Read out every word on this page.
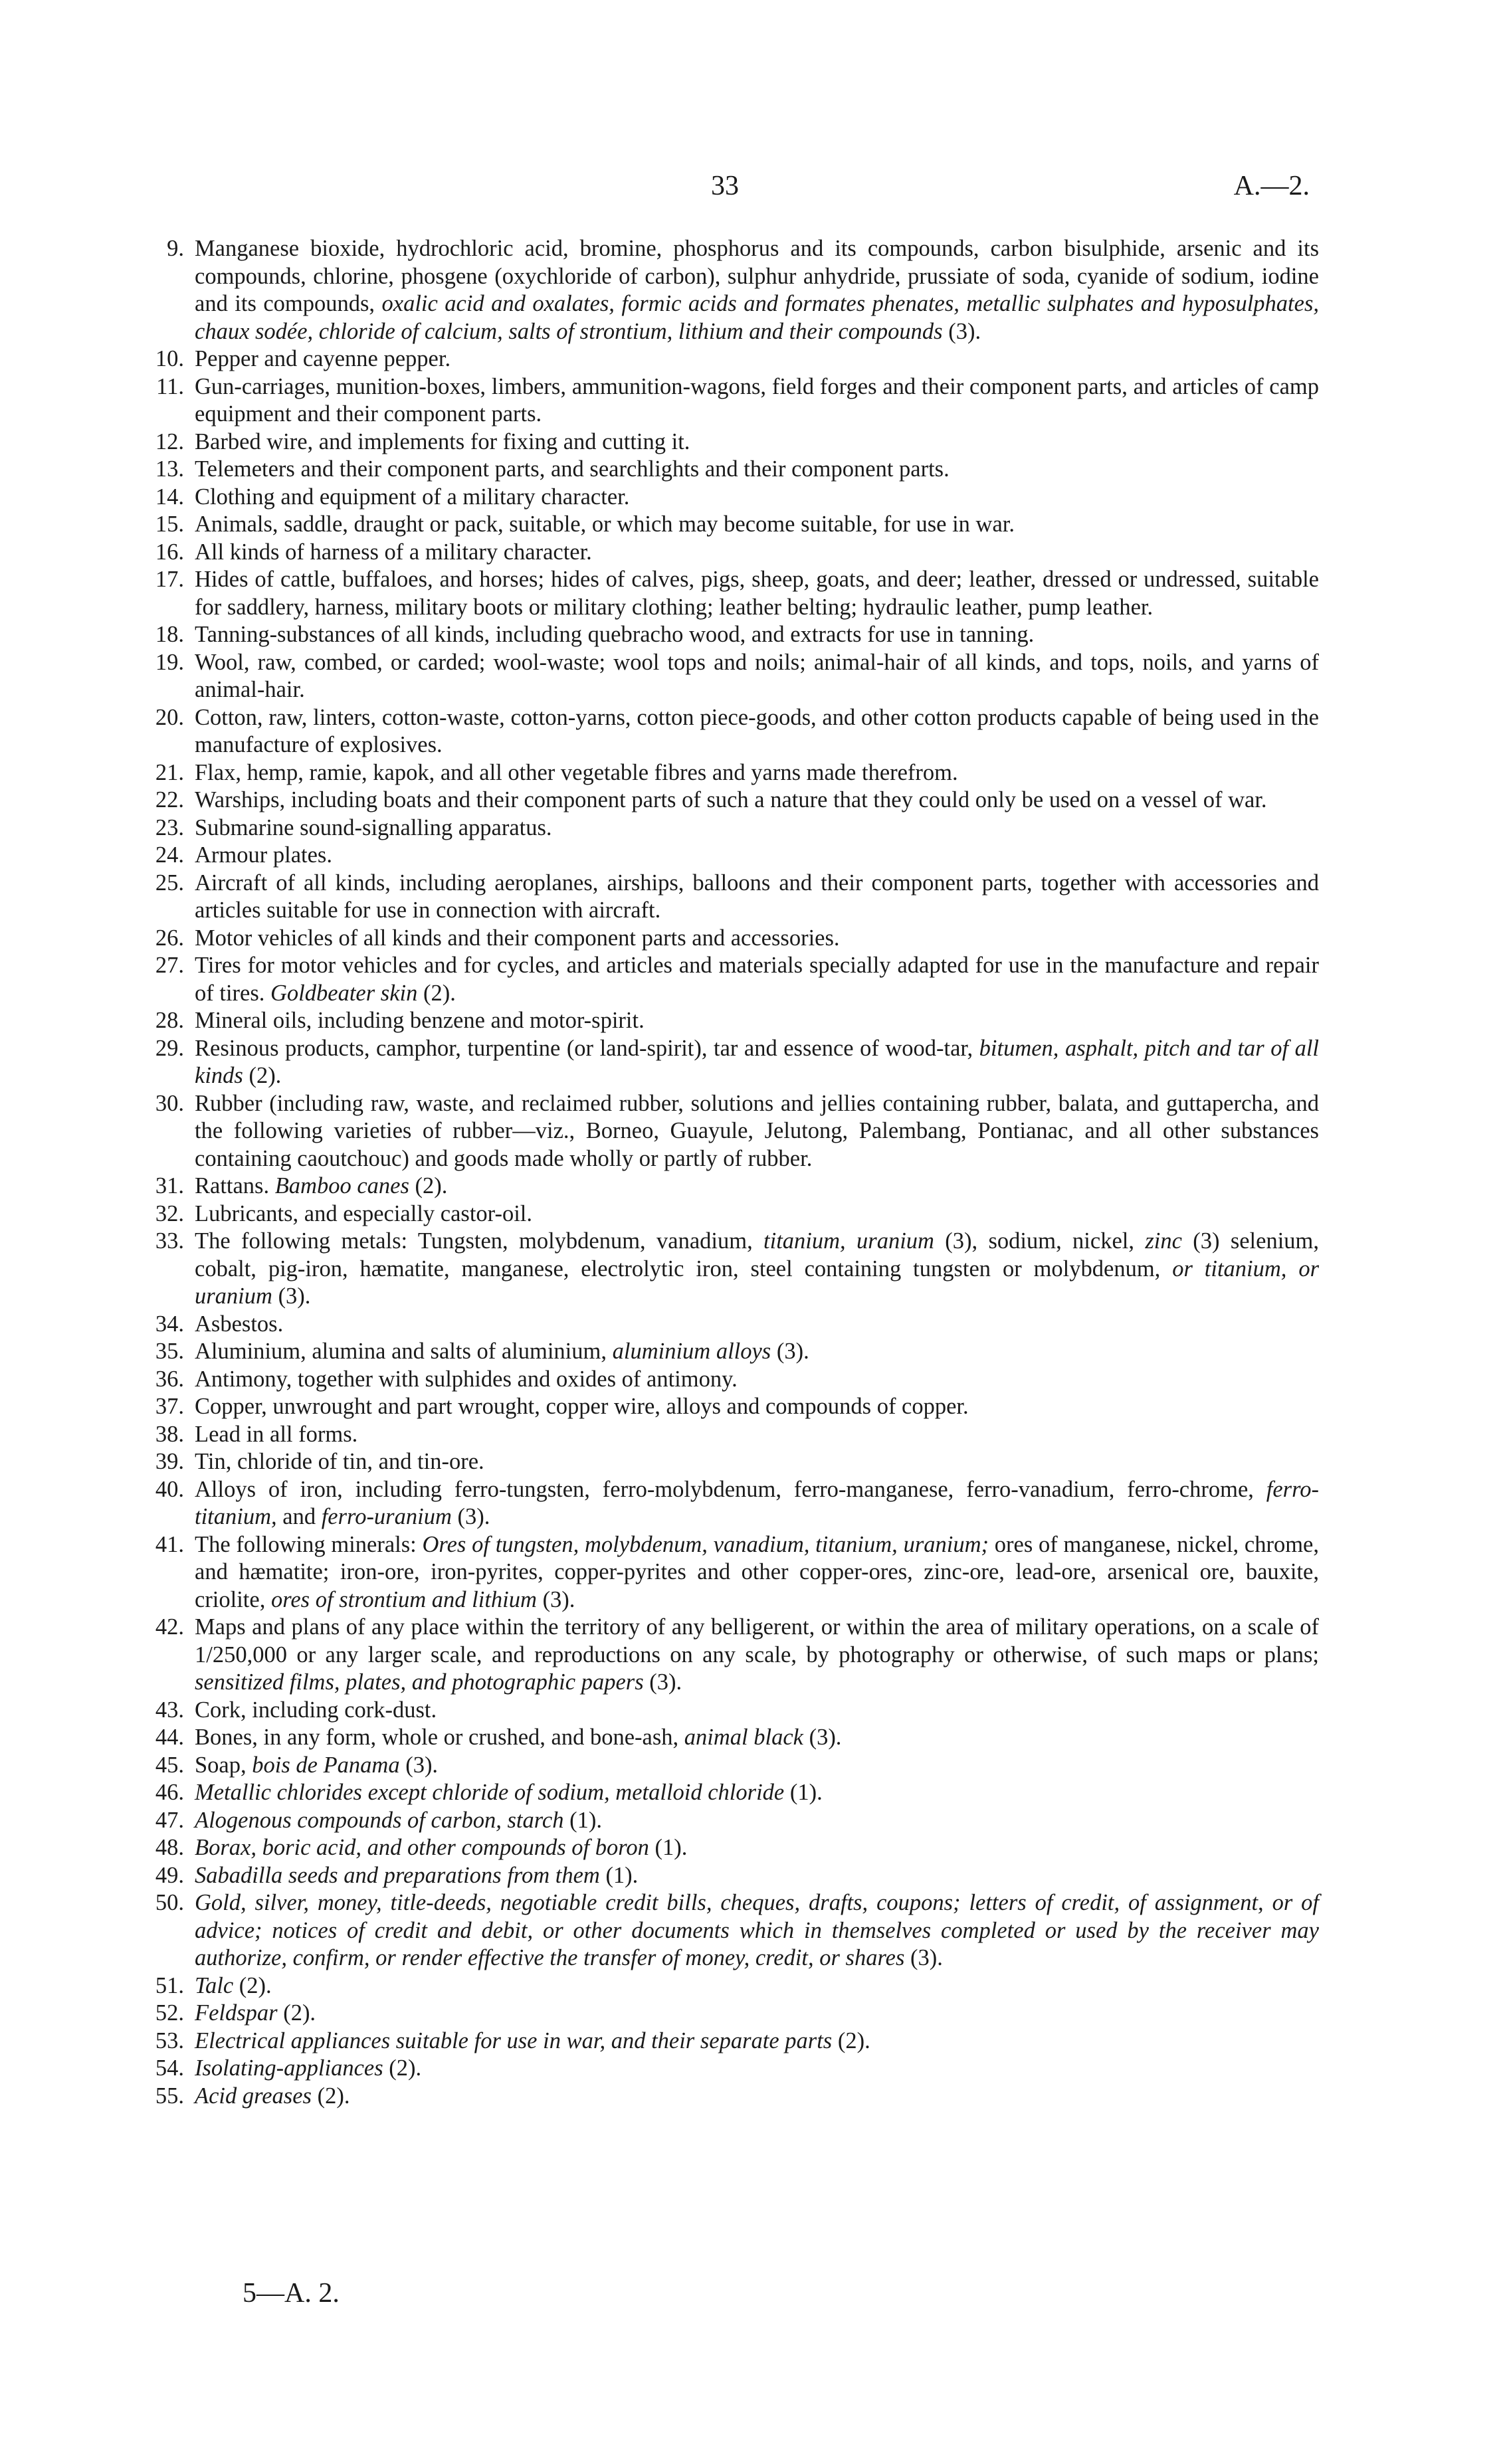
33	A.—2.
9. Manganese bioxide, hydrochloric acid, bromine, phosphorus and its compounds, carbon bisulphide, arsenic and its compounds, chlorine, phosgene (oxychloride of carbon), sulphur anhydride, prussiate of soda, cyanide of sodium, iodine and its compounds, oxalic acid and oxalates, formic acids and formates phenates, metallic sulphates and hyposulphates, chaux sodée, chloride of calcium, salts of strontium, lithium and their compounds (3).
10. Pepper and cayenne pepper.
11. Gun-carriages, munition-boxes, limbers, ammunition-wagons, field forges and their component parts, and articles of camp equipment and their component parts.
12. Barbed wire, and implements for fixing and cutting it.
13. Telemeters and their component parts, and searchlights and their component parts.
14. Clothing and equipment of a military character.
15. Animals, saddle, draught or pack, suitable, or which may become suitable, for use in war.
16. All kinds of harness of a military character.
17. Hides of cattle, buffaloes, and horses; hides of calves, pigs, sheep, goats, and deer; leather, dressed or undressed, suitable for saddlery, harness, military boots or military clothing; leather belting; hydraulic leather, pump leather.
18. Tanning-substances of all kinds, including quebracho wood, and extracts for use in tanning.
19. Wool, raw, combed, or carded; wool-waste; wool tops and noils; animal-hair of all kinds, and tops, noils, and yarns of animal-hair.
20. Cotton, raw, linters, cotton-waste, cotton-yarns, cotton piece-goods, and other cotton products capable of being used in the manufacture of explosives.
21. Flax, hemp, ramie, kapok, and all other vegetable fibres and yarns made therefrom.
22. Warships, including boats and their component parts of such a nature that they could only be used on a vessel of war.
23. Submarine sound-signalling apparatus.
24. Armour plates.
25. Aircraft of all kinds, including aeroplanes, airships, balloons and their component parts, together with accessories and articles suitable for use in connection with aircraft.
26. Motor vehicles of all kinds and their component parts and accessories.
27. Tires for motor vehicles and for cycles, and articles and materials specially adapted for use in the manufacture and repair of tires. Goldbeater skin (2).
28. Mineral oils, including benzene and motor-spirit.
29. Resinous products, camphor, turpentine (or land-spirit), tar and essence of wood-tar, bitumen, asphalt, pitch and tar of all kinds (2).
30. Rubber (including raw, waste, and reclaimed rubber, solutions and jellies containing rubber, balata, and guttapercha, and the following varieties of rubber—viz., Borneo, Guayule, Jelutong, Palembang, Pontianac, and all other substances containing caoutchouc) and goods made wholly or partly of rubber.
31. Rattans. Bamboo canes (2).
32. Lubricants, and especially castor-oil.
33. The following metals: Tungsten, molybdenum, vanadium, titanium, uranium (3), sodium, nickel, zinc (3) selenium, cobalt, pig-iron, hæmatite, manganese, electrolytic iron, steel containing tungsten or molybdenum, or titanium, or uranium (3).
34. Asbestos.
35. Aluminium, alumina and salts of aluminium, aluminium alloys (3).
36. Antimony, together with sulphides and oxides of antimony.
37. Copper, unwrought and part wrought, copper wire, alloys and compounds of copper.
38. Lead in all forms.
39. Tin, chloride of tin, and tin-ore.
40. Alloys of iron, including ferro-tungsten, ferro-molybdenum, ferro-manganese, ferro-vanadium, ferro-chrome, ferro-titanium, and ferro-uranium (3).
41. The following minerals: Ores of tungsten, molybdenum, vanadium, titanium, uranium; ores of manganese, nickel, chrome, and hæmatite; iron-ore, iron-pyrites, copper-pyrites and other copper-ores, zinc-ore, lead-ore, arsenical ore, bauxite, criolite, ores of strontium and lithium (3).
42. Maps and plans of any place within the territory of any belligerent, or within the area of military operations, on a scale of 1/250,000 or any larger scale, and reproductions on any scale, by photography or otherwise, of such maps or plans; sensitized films, plates, and photographic papers (3).
43. Cork, including cork-dust.
44. Bones, in any form, whole or crushed, and bone-ash, animal black (3).
45. Soap, bois de Panama (3).
46. Metallic chlorides except chloride of sodium, metalloid chloride (1).
47. Alogenous compounds of carbon, starch (1).
48. Borax, boric acid, and other compounds of boron (1).
49. Sabadilla seeds and preparations from them (1).
50. Gold, silver, money, title-deeds, negotiable credit bills, cheques, drafts, coupons; letters of credit, of assignment, or of advice; notices of credit and debit, or other documents which in themselves completed or used by the receiver may authorize, confirm, or render effective the transfer of money, credit, or shares (3).
51. Talc (2).
52. Feldspar (2).
53. Electrical appliances suitable for use in war, and their separate parts (2).
54. Isolating-appliances (2).
55. Acid greases (2).
5—A. 2.
